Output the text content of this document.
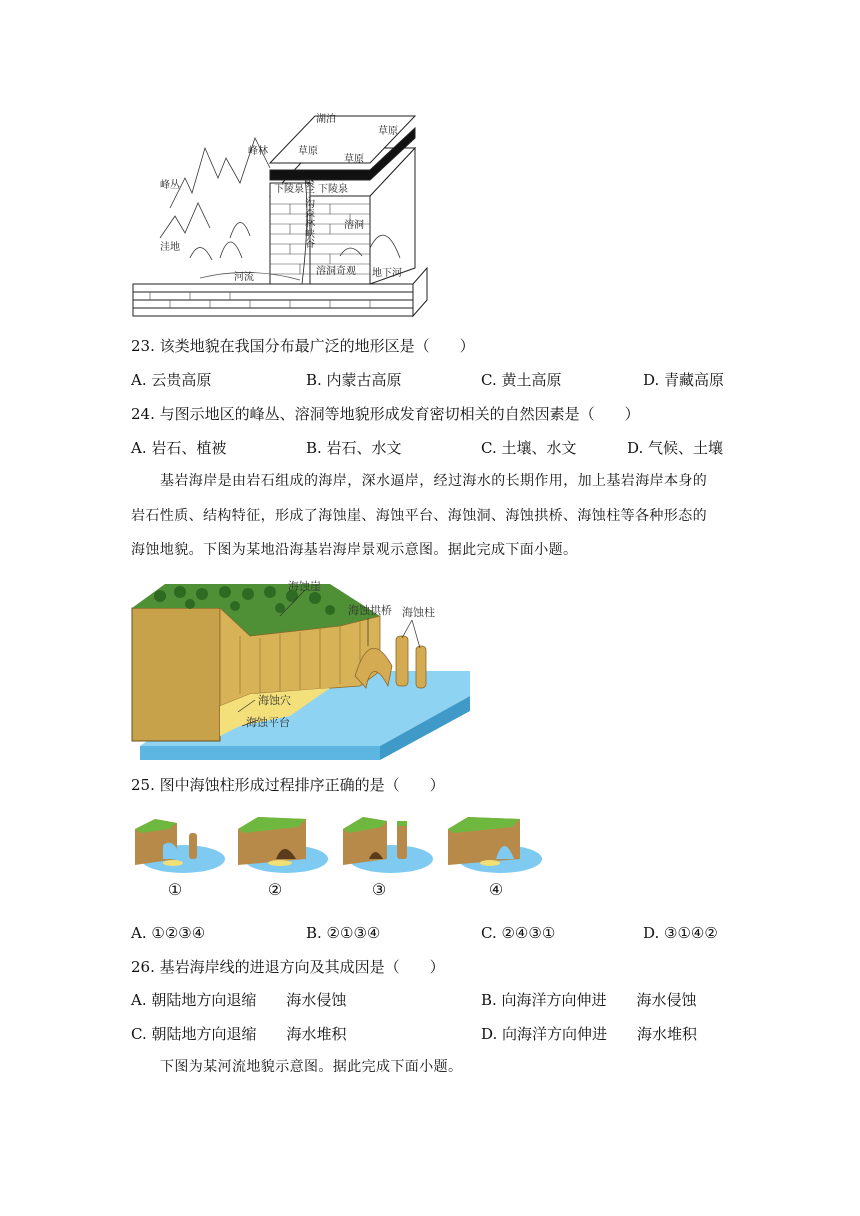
湖泊
草原
草原
草原
峰丛
峰林
洼地
河流
下陵泉 下陵泉
聚子沟森林峡谷	溶洞
溶洞奇观 地下河
23. 该类地貌在我国分布最广泛的地形区是（　　）
A. 云贵高原	B. 内蒙古高原	C. 黄土高原	D. 青藏高原
24. 与图示地区的峰丛、溶洞等地貌形成发育密切相关的自然因素是（　　）
A. 岩石、植被	B. 岩石、水文	C. 土壤、水文	D. 气候、土壤
基岩海岸是由岩石组成的海岸，深水逼岸，经过海水的长期作用，加上基岩海岸本身的
岩石性质、结构特征，形成了海蚀崖、海蚀平台、海蚀洞、海蚀拱桥、海蚀柱等各种形态的
海蚀地貌。下图为某地沿海基岩海岸景观示意图。据此完成下面小题。
海蚀崖
海蚀拱桥 海蚀柱
海蚀穴
海蚀平台
25. 图中海蚀柱形成过程排序正确的是（　　）
①	②	③	④
A. ①②③④	B. ②①③④	C. ②④③①	D. ③①④②
26. 基岩海岸线的进退方向及其成因是（　　）
A. 朝陆地方向退缩　　海水侵蚀	B. 向海洋方向伸进　　海水侵蚀
C. 朝陆地方向退缩　　海水堆积	D. 向海洋方向伸进　　海水堆积
下图为某河流地貌示意图。据此完成下面小题。
